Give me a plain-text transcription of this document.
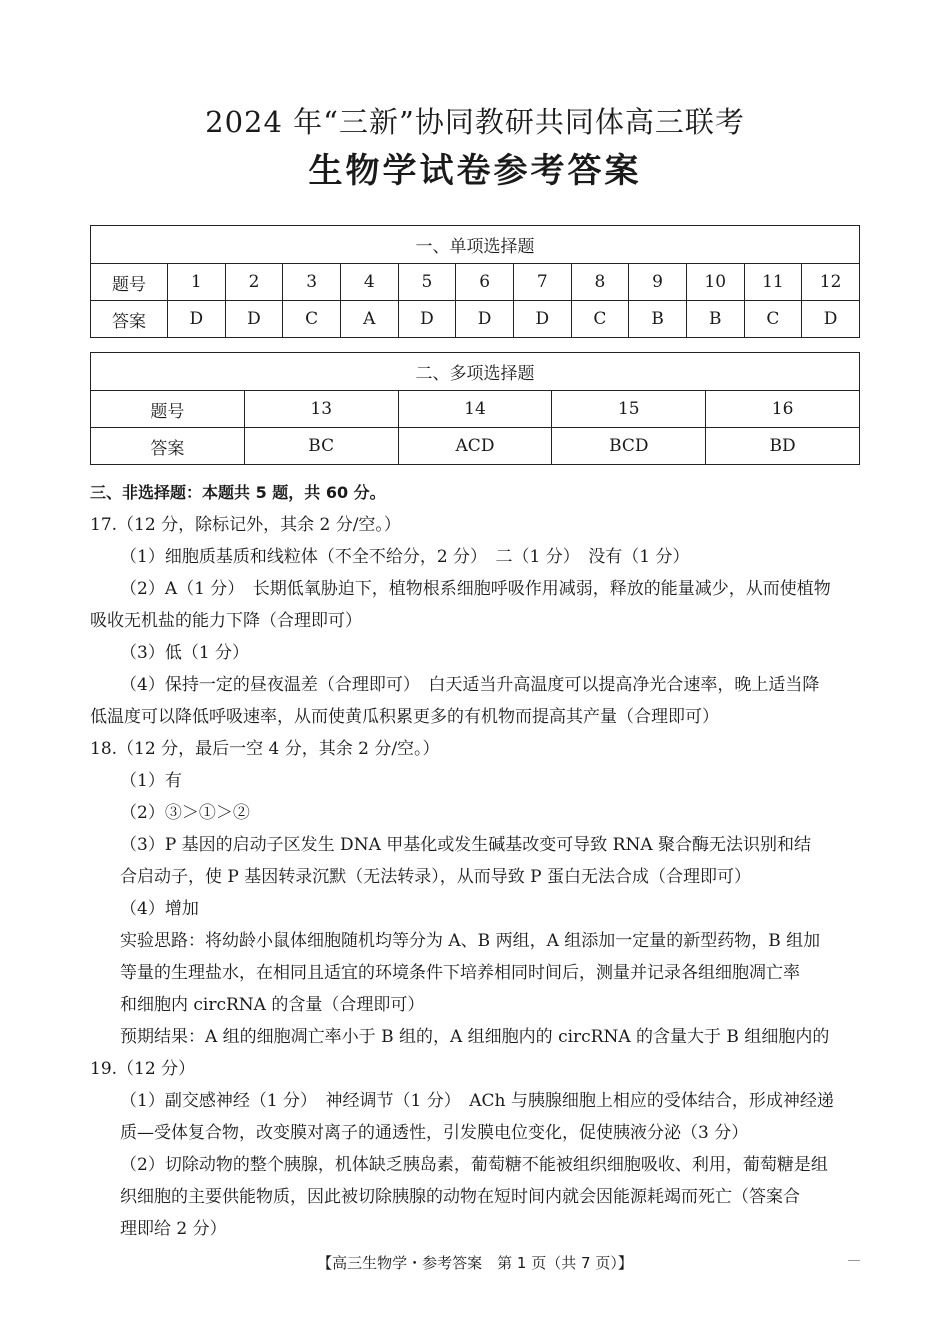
2024 年“三新”协同教研共同体高三联考
生物学试卷参考答案
一、单项选择题												
题号	1	2	3	4	5	6	7	8	9	10	11	12
答案	D	D	C	A	D	D	D	C	B	B	C	D
二、多项选择题				
题号	13	14	15	16
答案	BC	ACD	BCD	BD
三、非选择题：本题共 5 题，共 60 分。
17.（12 分，除标记外，其余 2 分/空。）
（1）细胞质基质和线粒体（不全不给分，2 分）　二（1 分）　没有（1 分）
（2）A（1 分）　长期低氧胁迫下，植物根系细胞呼吸作用减弱，释放的能量减少，从而使植物
吸收无机盐的能力下降（合理即可）
（3）低（1 分）
（4）保持一定的昼夜温差（合理即可）　白天适当升高温度可以提高净光合速率，晚上适当降
低温度可以降低呼吸速率，从而使黄瓜积累更多的有机物而提高其产量（合理即可）
18.（12 分，最后一空 4 分，其余 2 分/空。）
（1）有
（2）③＞①＞②
（3）P 基因的启动子区发生 DNA 甲基化或发生碱基改变可导致 RNA 聚合酶无法识别和结
合启动子，使 P 基因转录沉默（无法转录），从而导致 P 蛋白无法合成（合理即可）
（4）增加
实验思路：将幼龄小鼠体细胞随机均等分为 A、B 两组，A 组添加一定量的新型药物，B 组加
等量的生理盐水，在相同且适宜的环境条件下培养相同时间后，测量并记录各组细胞凋亡率
和细胞内 circRNA 的含量（合理即可）
预期结果：A 组的细胞凋亡率小于 B 组的，A 组细胞内的 circRNA 的含量大于 B 组细胞内的
19.（12 分）
（1）副交感神经（1 分）　神经调节（1 分）　ACh 与胰腺细胞上相应的受体结合，形成神经递
质—受体复合物，改变膜对离子的通透性，引发膜电位变化，促使胰液分泌（3 分）
（2）切除动物的整个胰腺，机体缺乏胰岛素，葡萄糖不能被组织细胞吸收、利用，葡萄糖是组
织细胞的主要供能物质，因此被切除胰腺的动物在短时间内就会因能源耗竭而死亡（答案合
理即给 2 分）
【高三生物学・参考答案　第 1 页（共 7 页）】
